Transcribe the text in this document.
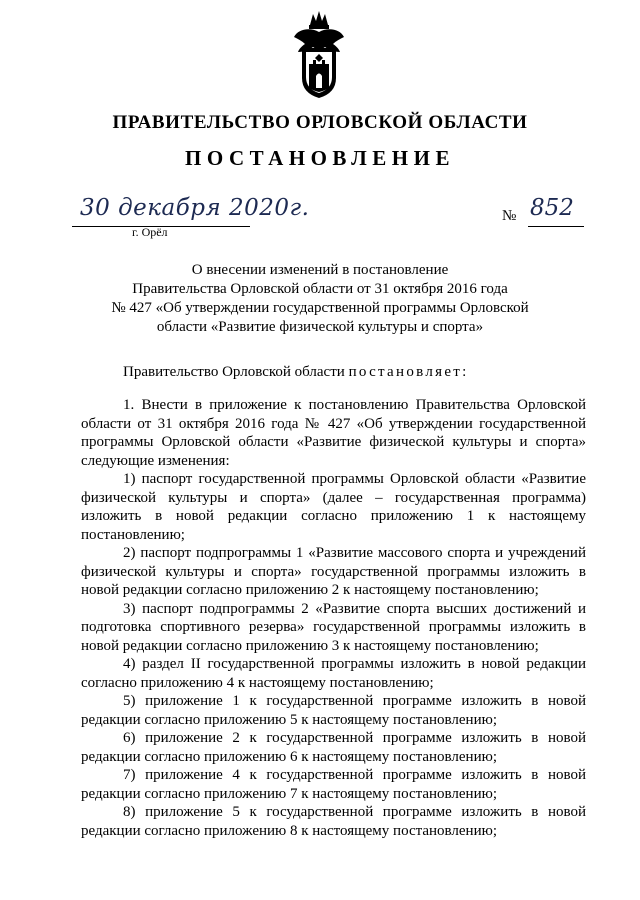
ПРАВИТЕЛЬСТВО ОРЛОВСКОЙ ОБЛАСТИ
ПОСТАНОВЛЕНИЕ
30 декабря 2020г.
г. Орёл
№ 852
О внесении изменений в постановление
Правительства Орловской области от 31 октября 2016 года
№ 427 «Об утверждении государственной программы Орловской
области «Развитие физической культуры и спорта»
Правительство Орловской области постановляет:

1. Внести в приложение к постановлению Правительства Орловской области от 31 октября 2016 года № 427 «Об утверждении государственной программы Орловской области «Развитие физической культуры и спорта» следующие изменения:

1) паспорт государственной программы Орловской области «Развитие физической культуры и спорта» (далее – государственная программа) изложить в новой редакции согласно приложению 1 к настоящему постановлению;

2) паспорт подпрограммы 1 «Развитие массового спорта и учреждений физической культуры и спорта» государственной программы изложить в новой редакции согласно приложению 2 к настоящему постановлению;

3) паспорт подпрограммы 2 «Развитие спорта высших достижений и подготовка спортивного резерва» государственной программы изложить в новой редакции согласно приложению 3 к настоящему постановлению;

4) раздел II государственной программы изложить в новой редакции согласно приложению 4 к настоящему постановлению;

5) приложение 1 к государственной программе изложить в новой редакции согласно приложению 5 к настоящему постановлению;

6) приложение 2 к государственной программе изложить в новой редакции согласно приложению 6 к настоящему постановлению;

7) приложение 4 к государственной программе изложить в новой редакции согласно приложению 7 к настоящему постановлению;

8) приложение 5 к государственной программе изложить в новой редакции согласно приложению 8 к настоящему постановлению;
